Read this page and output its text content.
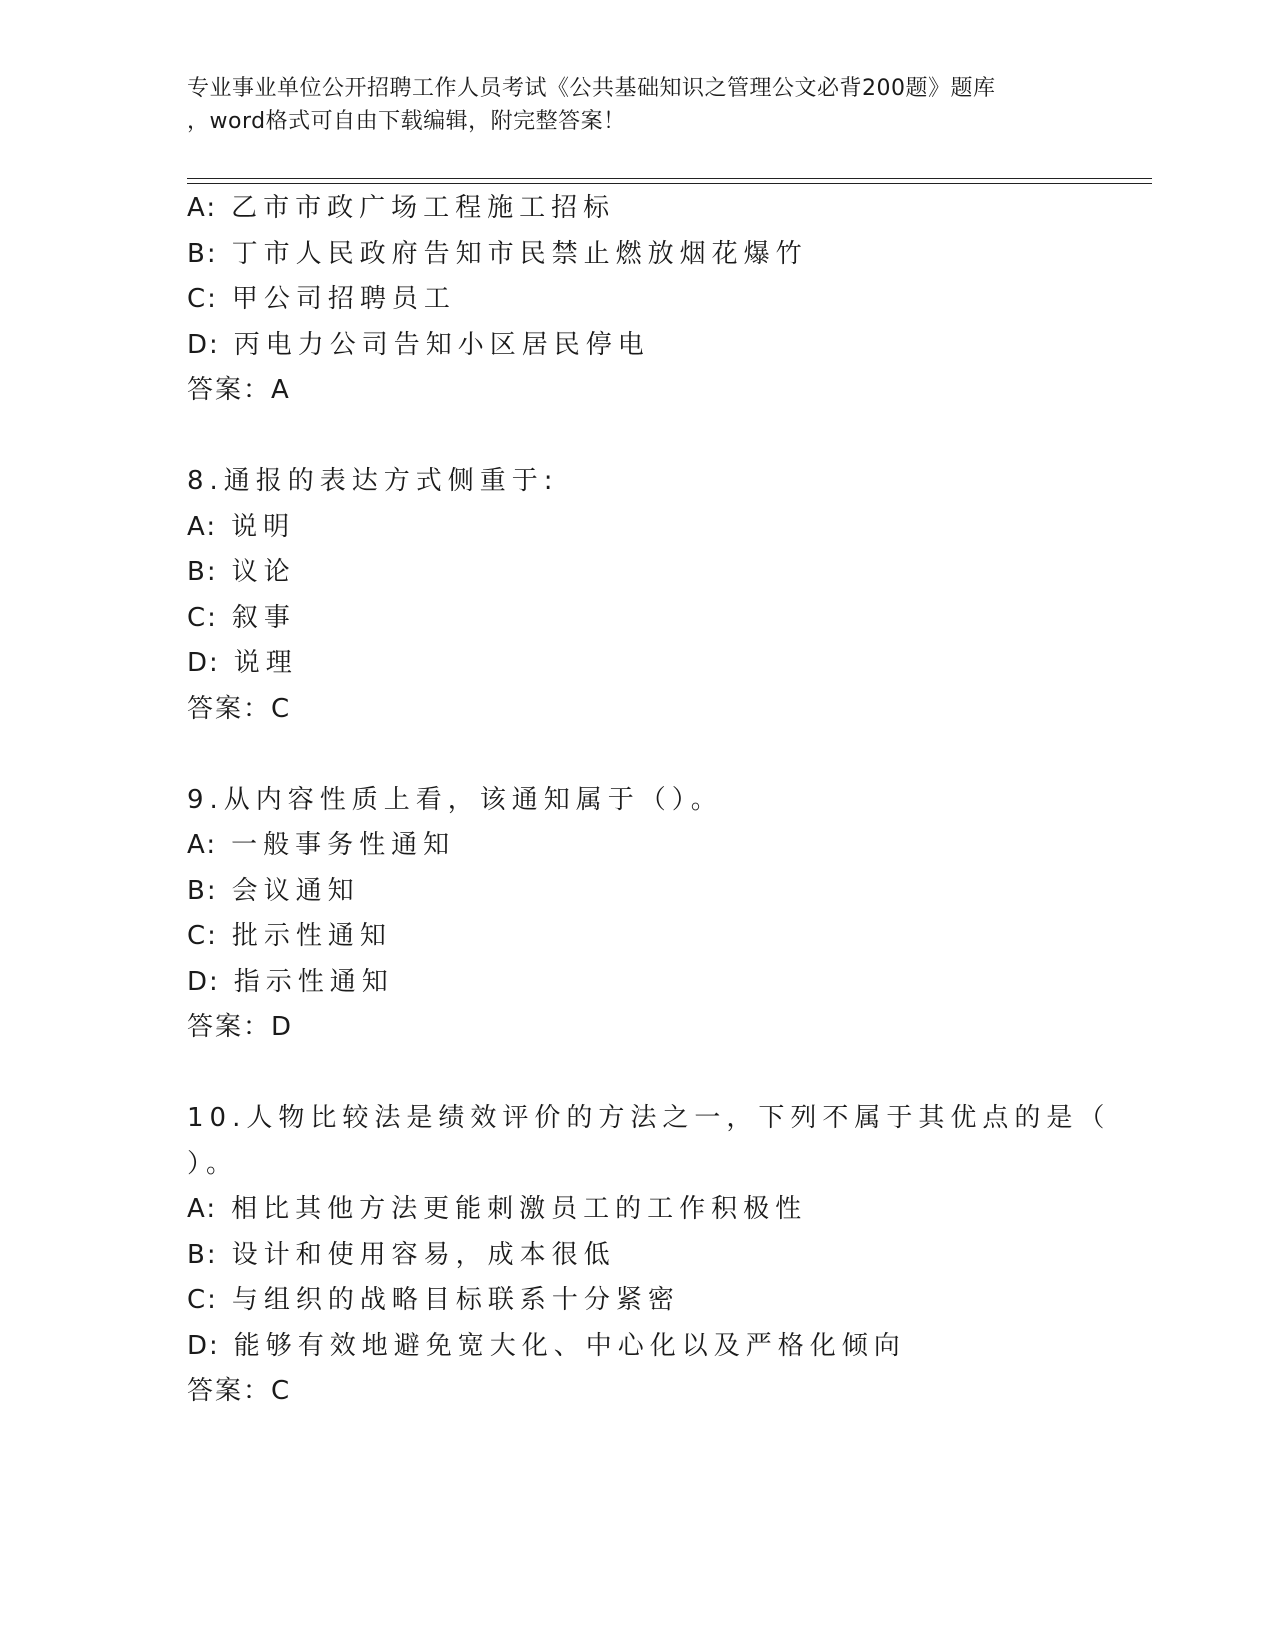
专业事业单位公开招聘工作人员考试《公共基础知识之管理公文必背200题》题库
，word格式可自由下载编辑，附完整答案！
A: 乙市市政广场工程施工招标
B: 丁市人民政府告知市民禁止燃放烟花爆竹
C: 甲公司招聘员工
D: 丙电力公司告知小区居民停电
答案：A
8.通报的表达方式侧重于:
A: 说明
B: 议论
C: 叙事
D: 说理
答案：C
9.从内容性质上看，该通知属于（）。
A: 一般事务性通知
B: 会议通知
C: 批示性通知
D: 指示性通知
答案：D
10.人物比较法是绩效评价的方法之一，下列不属于其优点的是（
）。
A: 相比其他方法更能刺激员工的工作积极性
B: 设计和使用容易，成本很低
C: 与组织的战略目标联系十分紧密
D: 能够有效地避免宽大化、中心化以及严格化倾向
答案：C
